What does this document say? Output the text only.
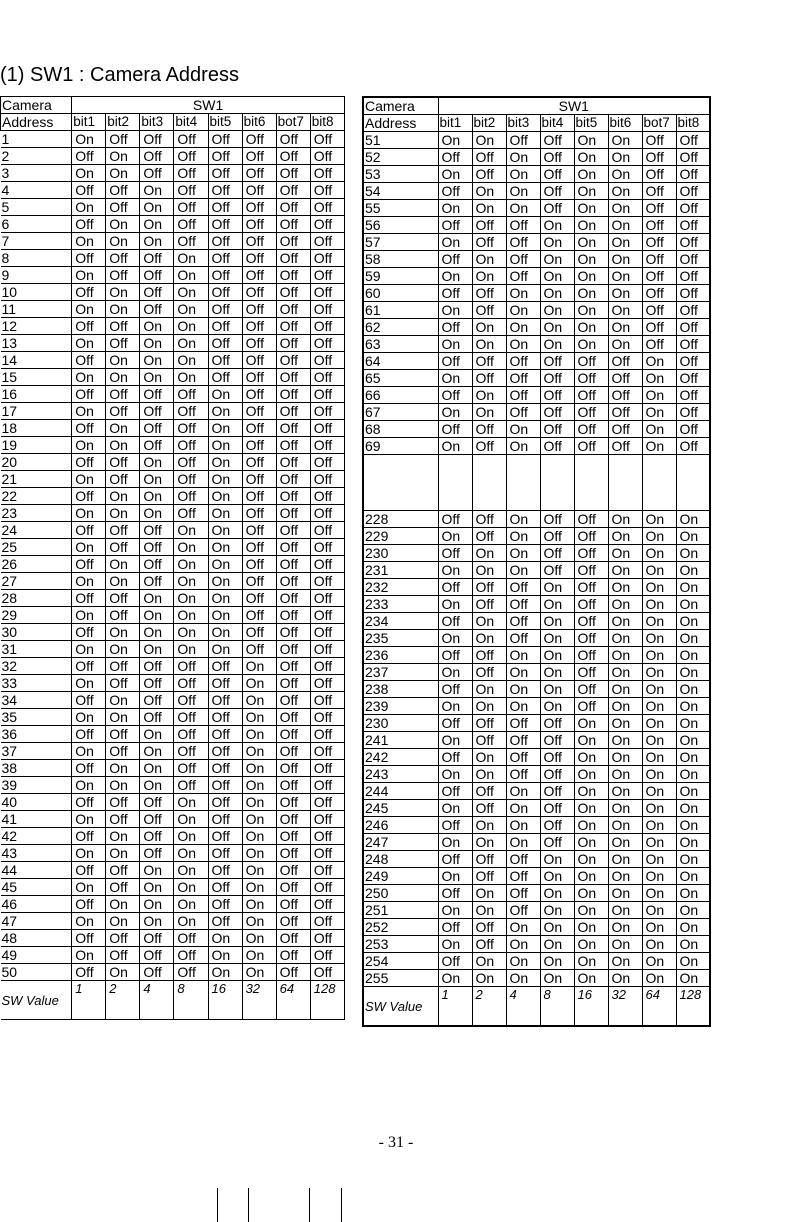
(1) SW1 : Camera Address
Camera	SW1							
Address	bit1	bit2	bit3	bit4	bit5	bit6	bot7	bit8
1	On	Off	Off	Off	Off	Off	Off	Off
2	Off	On	Off	Off	Off	Off	Off	Off
3	On	On	Off	Off	Off	Off	Off	Off
4	Off	Off	On	Off	Off	Off	Off	Off
5	On	Off	On	Off	Off	Off	Off	Off
6	Off	On	On	Off	Off	Off	Off	Off
7	On	On	On	Off	Off	Off	Off	Off
8	Off	Off	Off	On	Off	Off	Off	Off
9	On	Off	Off	On	Off	Off	Off	Off
10	Off	On	Off	On	Off	Off	Off	Off
11	On	On	Off	On	Off	Off	Off	Off
12	Off	Off	On	On	Off	Off	Off	Off
13	On	Off	On	On	Off	Off	Off	Off
14	Off	On	On	On	Off	Off	Off	Off
15	On	On	On	On	Off	Off	Off	Off
16	Off	Off	Off	Off	On	Off	Off	Off
17	On	Off	Off	Off	On	Off	Off	Off
18	Off	On	Off	Off	On	Off	Off	Off
19	On	On	Off	Off	On	Off	Off	Off
20	Off	Off	On	Off	On	Off	Off	Off
21	On	Off	On	Off	On	Off	Off	Off
22	Off	On	On	Off	On	Off	Off	Off
23	On	On	On	Off	On	Off	Off	Off
24	Off	Off	Off	On	On	Off	Off	Off
25	On	Off	Off	On	On	Off	Off	Off
26	Off	On	Off	On	On	Off	Off	Off
27	On	On	Off	On	On	Off	Off	Off
28	Off	Off	On	On	On	Off	Off	Off
29	On	Off	On	On	On	Off	Off	Off
30	Off	On	On	On	On	Off	Off	Off
31	On	On	On	On	On	Off	Off	Off
32	Off	Off	Off	Off	Off	On	Off	Off
33	On	Off	Off	Off	Off	On	Off	Off
34	Off	On	Off	Off	Off	On	Off	Off
35	On	On	Off	Off	Off	On	Off	Off
36	Off	Off	On	Off	Off	On	Off	Off
37	On	Off	On	Off	Off	On	Off	Off
38	Off	On	On	Off	Off	On	Off	Off
39	On	On	On	Off	Off	On	Off	Off
40	Off	Off	Off	On	Off	On	Off	Off
41	On	Off	Off	On	Off	On	Off	Off
42	Off	On	Off	On	Off	On	Off	Off
43	On	On	Off	On	Off	On	Off	Off
44	Off	Off	On	On	Off	On	Off	Off
45	On	Off	On	On	Off	On	Off	Off
46	Off	On	On	On	Off	On	Off	Off
47	On	On	On	On	Off	On	Off	Off
48	Off	Off	Off	Off	On	On	Off	Off
49	On	Off	Off	Off	On	On	Off	Off
50	Off	On	Off	Off	On	On	Off	Off
SW Value	1	2	4	8	16	32	64	128
Camera	SW1							
Address	bit1	bit2	bit3	bit4	bit5	bit6	bot7	bit8
51	On	On	Off	Off	On	On	Off	Off
52	Off	Off	On	Off	On	On	Off	Off
53	On	Off	On	Off	On	On	Off	Off
54	Off	On	On	Off	On	On	Off	Off
55	On	On	On	Off	On	On	Off	Off
56	Off	Off	Off	On	On	On	Off	Off
57	On	Off	Off	On	On	On	Off	Off
58	Off	On	Off	On	On	On	Off	Off
59	On	On	Off	On	On	On	Off	Off
60	Off	Off	On	On	On	On	Off	Off
61	On	Off	On	On	On	On	Off	Off
62	Off	On	On	On	On	On	Off	Off
63	On	On	On	On	On	On	Off	Off
64	Off	Off	Off	Off	Off	Off	On	Off
65	On	Off	Off	Off	Off	Off	On	Off
66	Off	On	Off	Off	Off	Off	On	Off
67	On	On	Off	Off	Off	Off	On	Off
68	Off	Off	On	Off	Off	Off	On	Off
69	On	Off	On	Off	Off	Off	On	Off

228	Off	Off	On	Off	Off	On	On	On
229	On	Off	On	Off	Off	On	On	On
230	Off	On	On	Off	Off	On	On	On
231	On	On	On	Off	Off	On	On	On
232	Off	Off	Off	On	Off	On	On	On
233	On	Off	Off	On	Off	On	On	On
234	Off	On	Off	On	Off	On	On	On
235	On	On	Off	On	Off	On	On	On
236	Off	Off	On	On	Off	On	On	On
237	On	Off	On	On	Off	On	On	On
238	Off	On	On	On	Off	On	On	On
239	On	On	On	On	Off	On	On	On
230	Off	Off	Off	Off	On	On	On	On
241	On	Off	Off	Off	On	On	On	On
242	Off	On	Off	Off	On	On	On	On
243	On	On	Off	Off	On	On	On	On
244	Off	Off	On	Off	On	On	On	On
245	On	Off	On	Off	On	On	On	On
246	Off	On	On	Off	On	On	On	On
247	On	On	On	Off	On	On	On	On
248	Off	Off	Off	On	On	On	On	On
249	On	Off	Off	On	On	On	On	On
250	Off	On	Off	On	On	On	On	On
251	On	On	Off	On	On	On	On	On
252	Off	Off	On	On	On	On	On	On
253	On	Off	On	On	On	On	On	On
254	Off	On	On	On	On	On	On	On
255	On	On	On	On	On	On	On	On
SW Value	1	2	4	8	16	32	64	128
- 31 -
